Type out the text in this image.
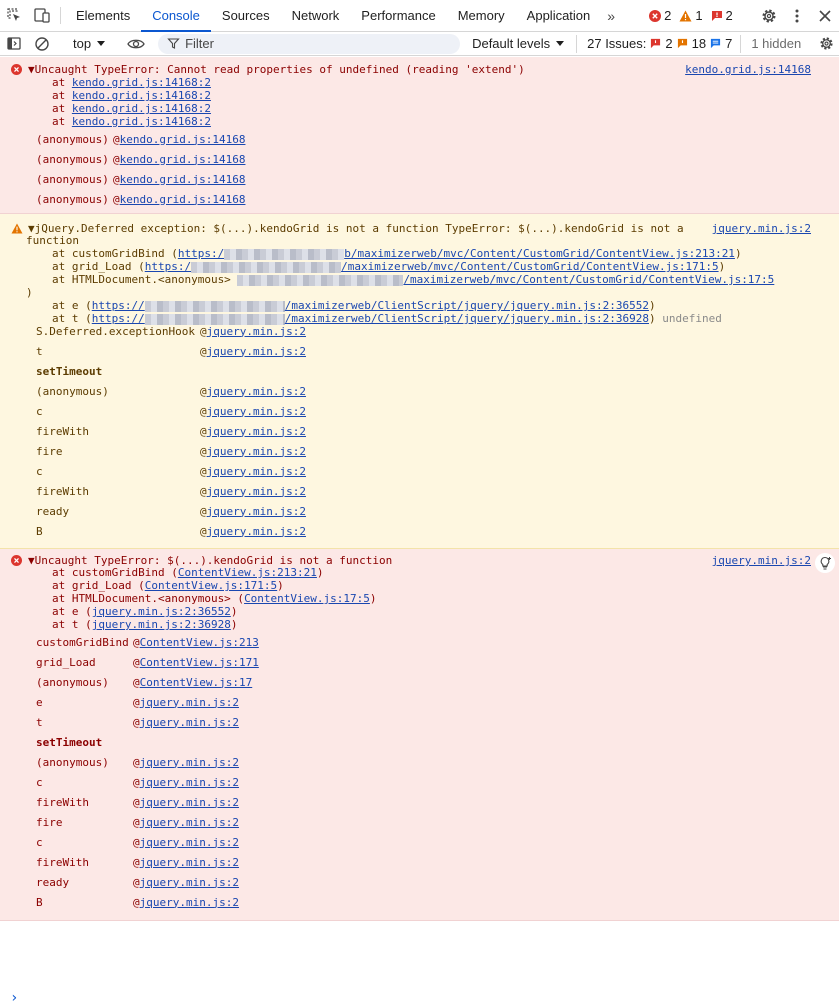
Elements	Console	Sources	Network	Performance	Memory	Application	»	2 1 2
top
Filter	Default levels	27 Issues: 2 18 7	1 hidden
▼Uncaught TypeError: Cannot read properties of undefined (reading 'extend')	kendo.grid.js:14168
at kendo.grid.js:14168:2
at kendo.grid.js:14168:2
at kendo.grid.js:14168:2
at kendo.grid.js:14168:2
(anonymous) @ kendo.grid.js:14168
(anonymous) @ kendo.grid.js:14168
(anonymous) @ kendo.grid.js:14168
(anonymous) @ kendo.grid.js:14168
▼jQuery.Deferred exception: $(...).kendoGrid is not a function TypeError: $(...).kendoGrid is not a
function
jquery.min.js:2
at customGridBind (https:/	b/maximizerweb/mvc/Content/CustomGrid/ContentView.js:213:21)
at grid_Load (https:/	/maximizerweb/mvc/Content/CustomGrid/ContentView.js:171:5)
at HTMLDocument.<anonymous>	/maximizerweb/mvc/Content/CustomGrid/ContentView.js:17:5
)
at e (https://	/maximizerweb/ClientScript/jquery/jquery.min.js:2:36552)
at t (https://	/maximizerweb/ClientScript/jquery/jquery.min.js:2:36928) undefined
S.Deferred.exceptionHook @ jquery.min.js:2
t	@ jquery.min.js:2
setTimeout
(anonymous)	@ jquery.min.js:2
c	@ jquery.min.js:2
fireWith	@ jquery.min.js:2
fire	@ jquery.min.js:2
c	@ jquery.min.js:2
fireWith	@ jquery.min.js:2
ready	@ jquery.min.js:2
B	@ jquery.min.js:2
▼Uncaught TypeError: $(...).kendoGrid is not a function	jquery.min.js:2
at customGridBind (ContentView.js:213:21)
at grid_Load (ContentView.js:171:5)
at HTMLDocument.<anonymous> (ContentView.js:17:5)
at e (jquery.min.js:2:36552)
at t (jquery.min.js:2:36928)
customGridBind @ ContentView.js:213
grid_Load	@ ContentView.js:171
(anonymous)	@ ContentView.js:17
e	@ jquery.min.js:2
t	@ jquery.min.js:2
setTimeout
(anonymous)	@ jquery.min.js:2
c	@ jquery.min.js:2
fireWith	@ jquery.min.js:2
fire	@ jquery.min.js:2
c	@ jquery.min.js:2
fireWith	@ jquery.min.js:2
ready	@ jquery.min.js:2
B	@ jquery.min.js:2
›
